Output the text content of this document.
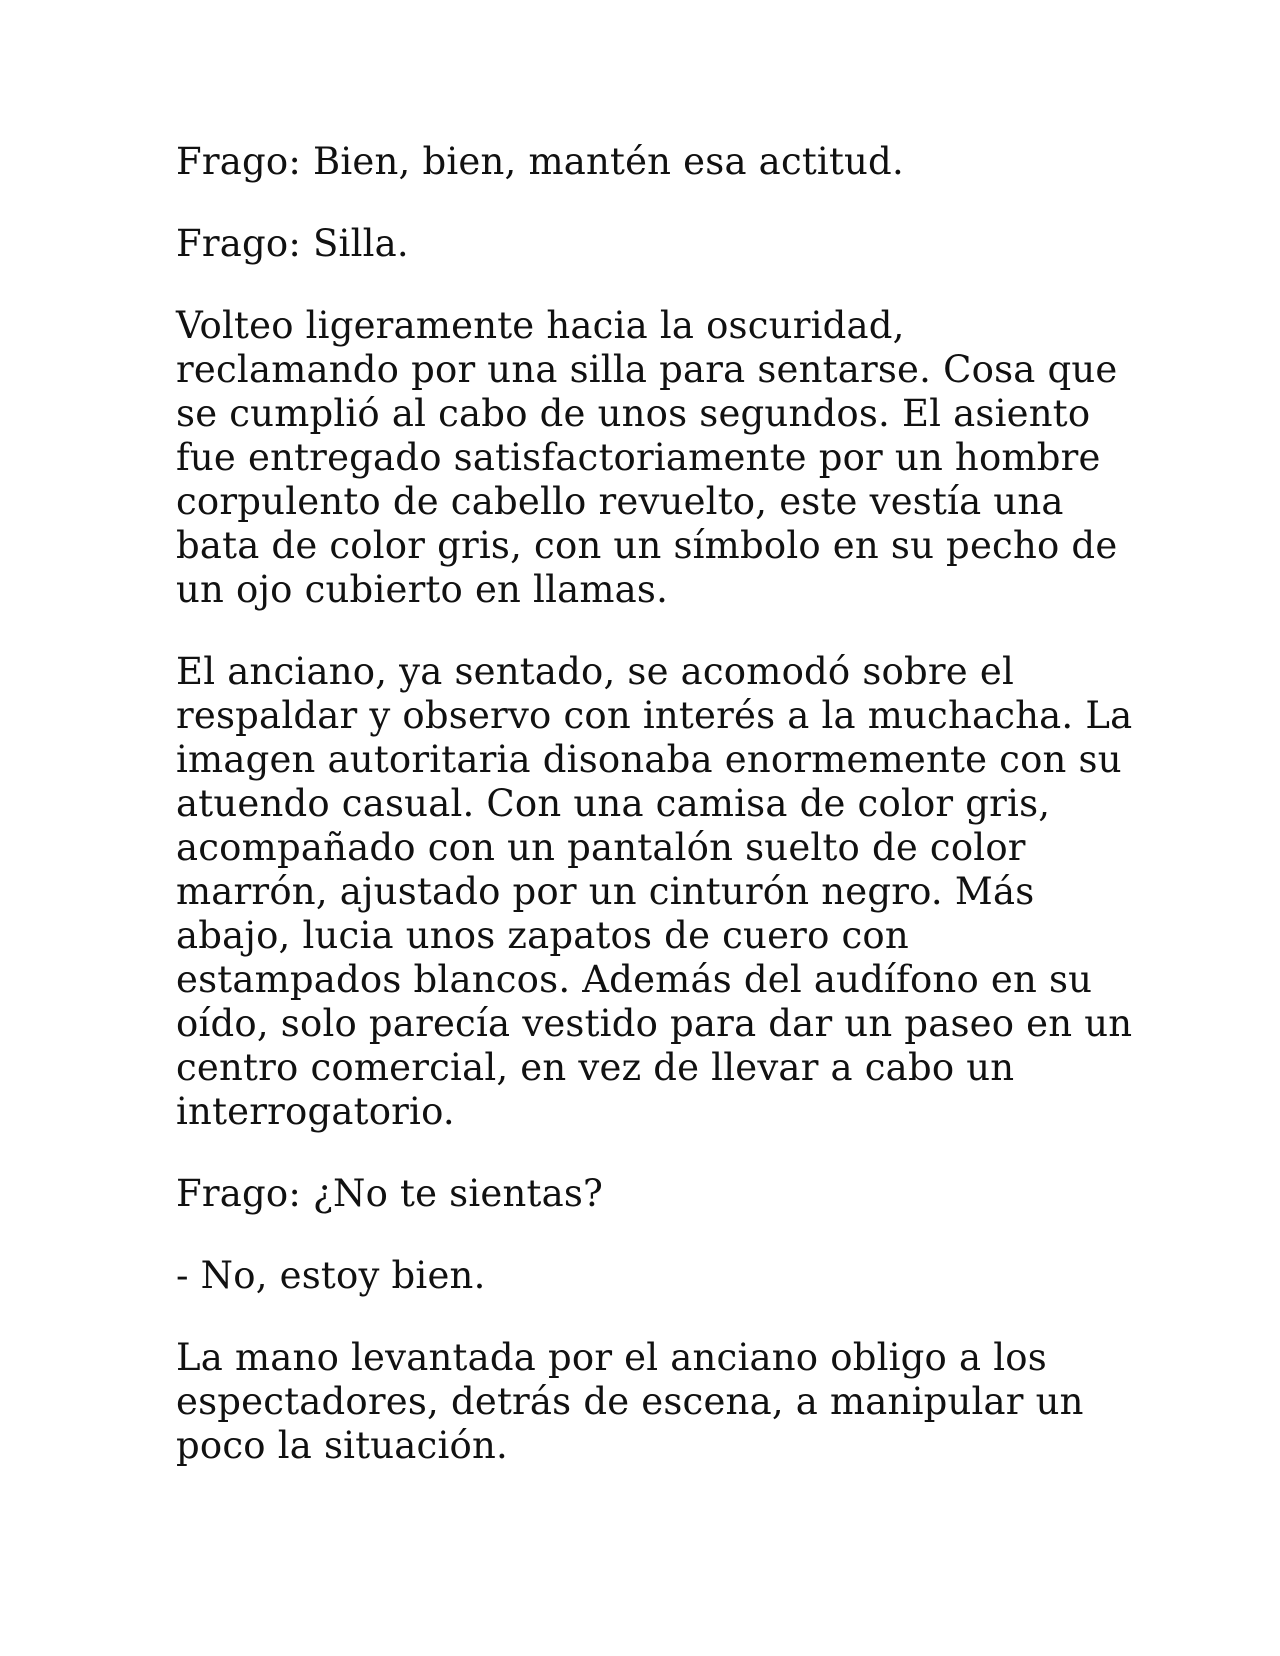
Frago: Bien, bien, mantén esa actitud.

Frago: Silla.

Volteo ligeramente hacia la oscuridad, reclamando por una silla para sentarse. Cosa que se cumplió al cabo de unos segundos. El asiento fue entregado satisfactoriamente por un hombre corpulento de cabello revuelto, este vestía una bata de color gris, con un símbolo en su pecho de un ojo cubierto en llamas.

El anciano, ya sentado, se acomodó sobre el respaldar y observo con interés a la muchacha. La imagen autoritaria disonaba enormemente con su atuendo casual. Con una camisa de color gris, acompañado con un pantalón suelto de color marrón, ajustado por un cinturón negro. Más abajo, lucia unos zapatos de cuero con estampados blancos. Además del audífono en su oído, solo parecía vestido para dar un paseo en un centro comercial, en vez de llevar a cabo un interrogatorio.

Frago: ¿No te sientas?

- No, estoy bien.

La mano levantada por el anciano obligo a los espectadores, detrás de escena, a manipular un poco la situación.
